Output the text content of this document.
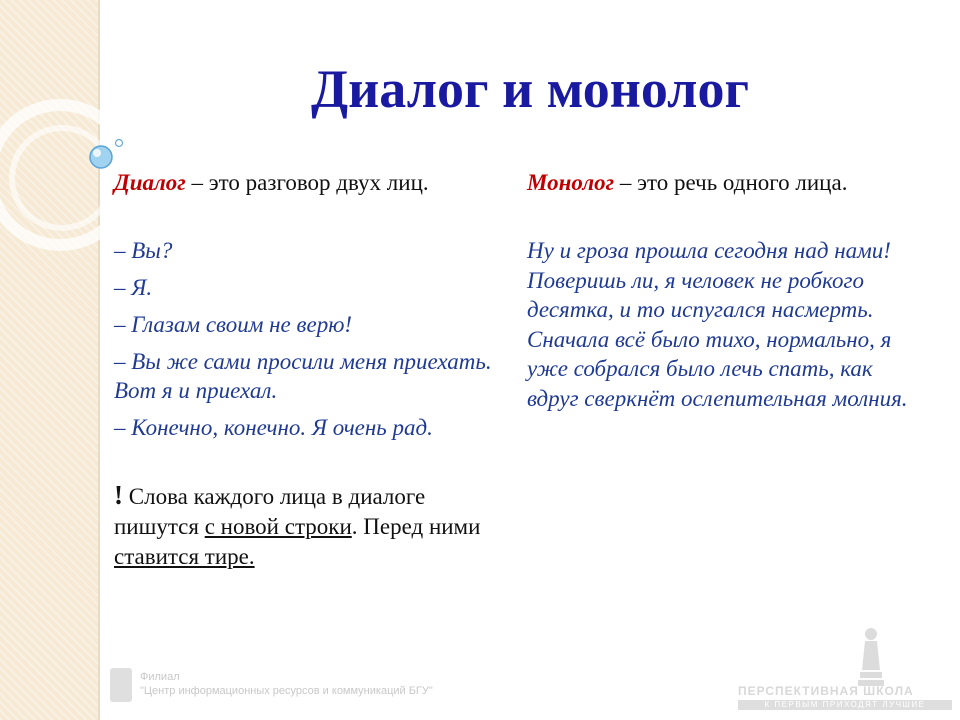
Диалог и монолог

Диалог – это разговор двух лиц.

– Вы?

– Я.

– Глазам своим не верю!

– Вы же сами просили меня приехать. Вот я и приехал.

– Конечно, конечно. Я очень рад.

! Слова каждого лица в диалоге пишутся с новой строки. Перед ними ставится тире.

Монолог – это речь одного лица.

Ну и гроза прошла сегодня над нами! Поверишь ли, я человек не робкого десятка, и то испугался насмерть. Сначала всё было тихо, нормально, я уже собрался было лечь спать, как вдруг сверкнёт ослепительная молния.

Филиал
"Центр информационных ресурсов и коммуникаций БГУ"	ПЕРСПЕКТИВНАЯ ШКОЛА
К ПЕРВЫМ ПРИХОДЯТ ЛУЧШИЕ
